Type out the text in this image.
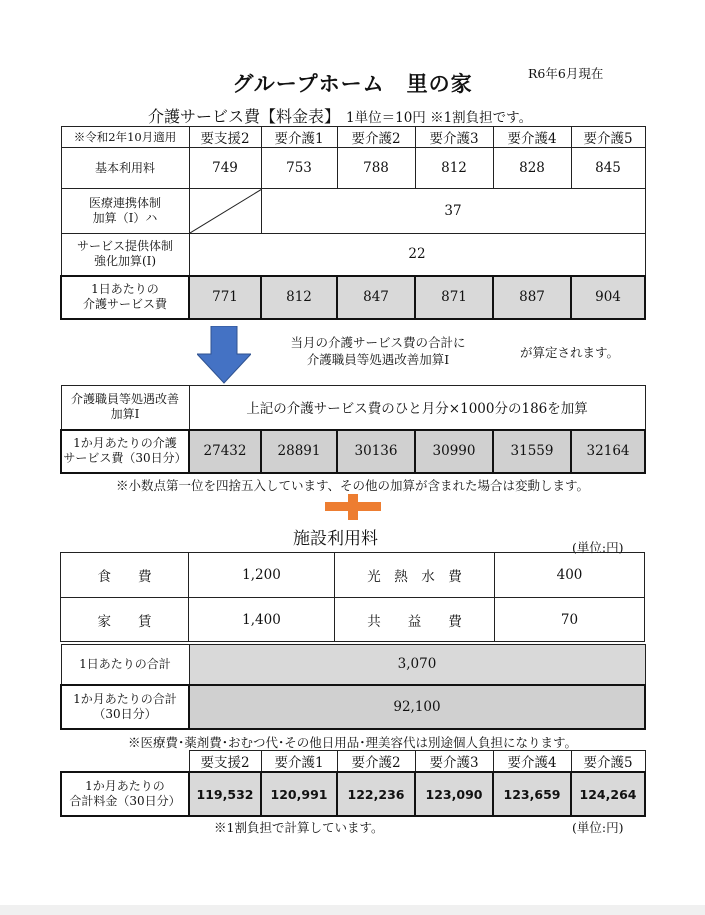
グループホーム　里の家	R6年6月現在
介護サービス費【料金表】 1単位＝10円 ※1割負担です。
※令和2年10月適用	要支援2	要介護1	要介護2	要介護3	要介護4	要介護5
基本利用料	749	753	788	812	828	845

医療連携体制
加算（Ⅰ）ハ		37				

サービス提供体制
強化加算(Ⅰ)	22					

1日あたりの
介護サービス費	771	812	847	871	887	904
当月の介護サービス費の合計に
介護職員等処遇改善加算Ⅰ	が算定されます。
介護職員等処遇改善
加算Ⅰ	上記の介護サービス費のひと月分×1000分の186を加算					

1か月あたりの介護
サービス費（30日分）	27432	28891	30136	30990	31559	32164
※小数点第一位を四捨五入しています、その他の加算が含まれた場合は変動します。
施設利用料	(単位:円)
食　　費	1,200	光　熱　水　費	400
家　　賃	1,400	共　　益　　費	70
1日あたりの合計	3,070

1か月あたりの合計
（30日分）	92,100
※医療費･薬剤費･おむつ代･その他日用品･理美容代は別途個人負担になります。
	要支援2	要介護1	要介護2	要介護3	要介護4	要介護5

1か月あたりの
合計料金（30日分）	119,532	120,991	122,236	123,090	123,659	124,264
※1割負担で計算しています。	(単位:円)
